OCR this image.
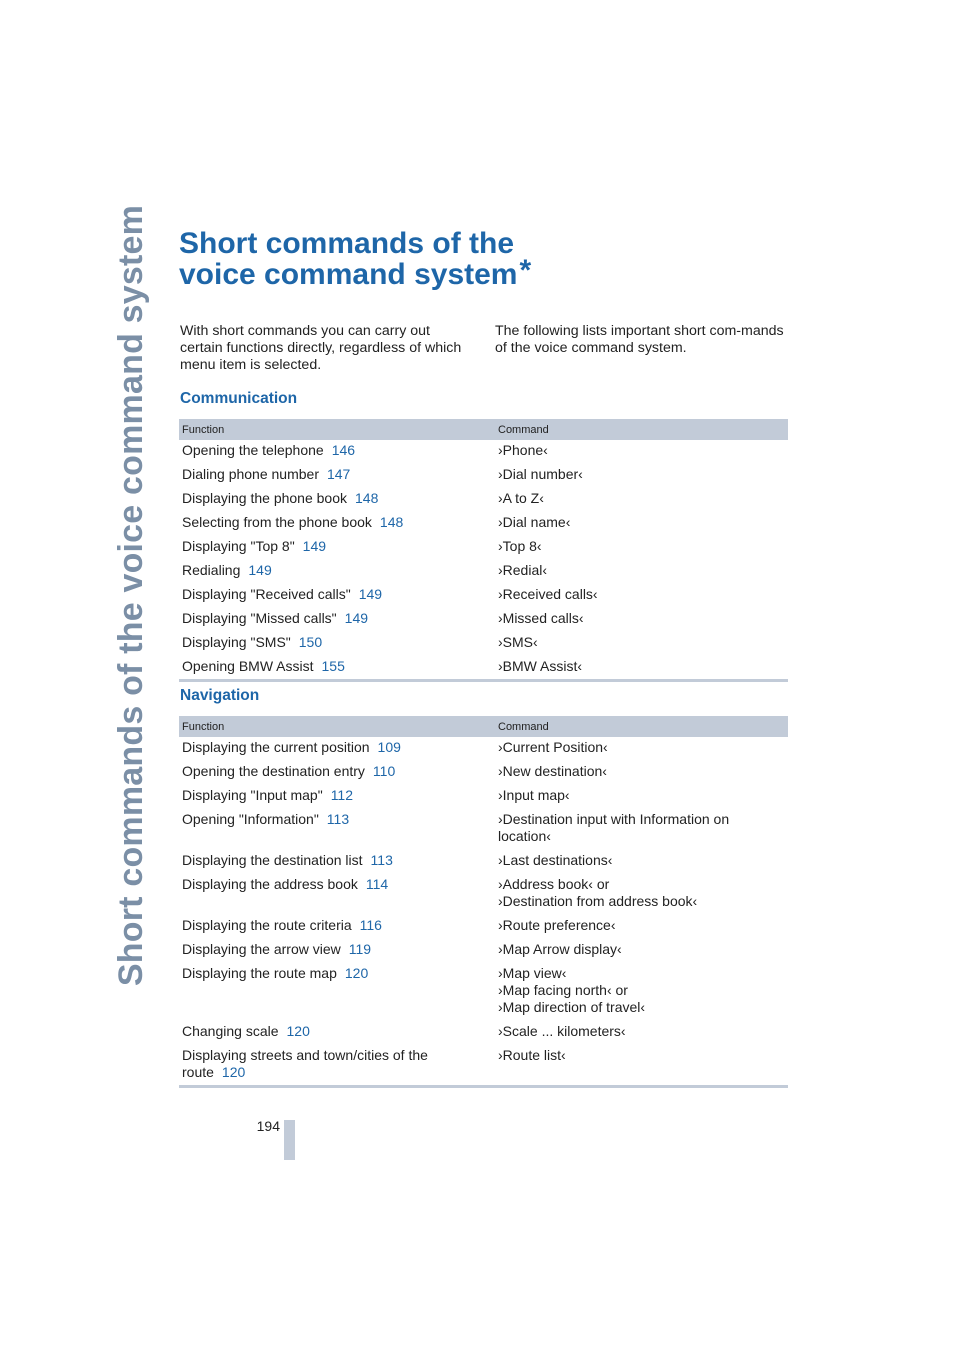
Short commands of the voice command system Short commands of the
voice command system*
With short commands you can carry out certain functions directly, regardless of which menu item is selected.
The following lists important short com-mands of the voice command system.
Communication
Function	Command
Opening the telephone 146	›Phone‹
Dialing phone number 147	›Dial number‹
Displaying the phone book 148	›A to Z‹
Selecting from the phone book 148	›Dial name‹
Displaying "Top 8" 149	›Top 8‹
Redialing 149	›Redial‹
Displaying "Received calls" 149	›Received calls‹
Displaying "Missed calls" 149	›Missed calls‹
Displaying "SMS" 150	›SMS‹
Opening BMW Assist 155	›BMW Assist‹
Navigation
Function	Command
Displaying the current position 109	›Current Position‹
Opening the destination entry 110	›New destination‹
Displaying "Input map" 112	›Input map‹
Opening "Information" 113	›Destination input with Information on location‹
Displaying the destination list 113	›Last destinations‹
Displaying the address book 114	›Address book‹ or
›Destination from address book‹
Displaying the route criteria 116	›Route preference‹
Displaying the arrow view 119	›Map Arrow display‹
Displaying the route map 120	›Map view‹
›Map facing north‹ or
›Map direction of travel‹
Changing scale 120	›Scale ... kilometers‹
Displaying streets and town/cities of the route 120	›Route list‹
194
